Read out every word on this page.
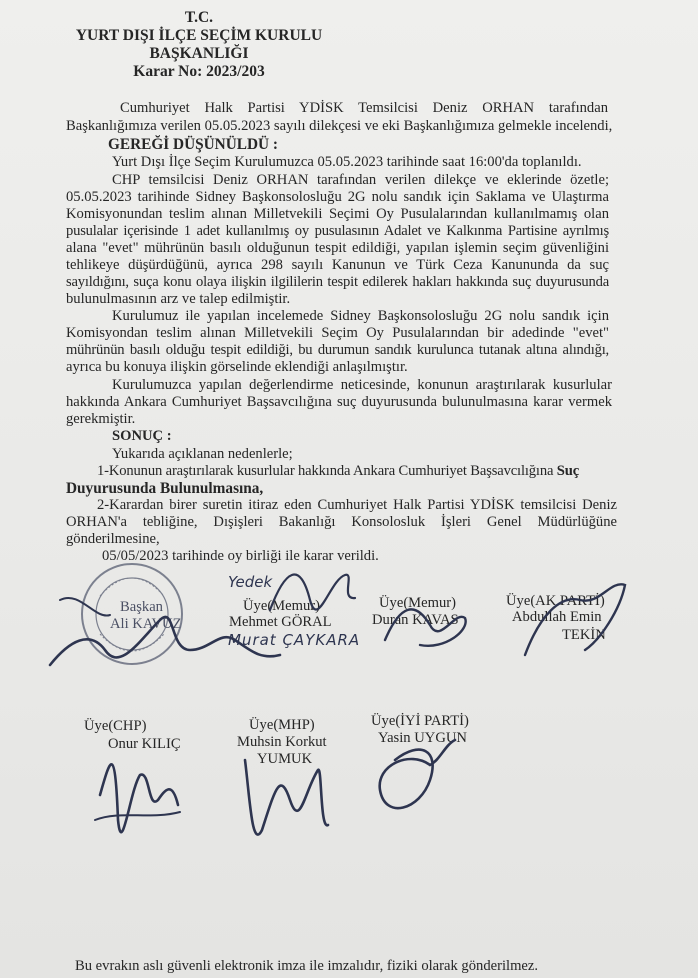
T.C.
YURT DIŞI İLÇE SEÇİM KURULU
BAŞKANLIĞI
Karar No: 2023/203
Cumhuriyet Halk Partisi YDİSK Temsilcisi Deniz ORHAN tarafından
Başkanlığımıza verilen 05.05.2023 sayılı dilekçesi ve eki Başkanlığımıza gelmekle incelendi,
GEREĞİ DÜŞÜNÜLDÜ :
Yurt Dışı İlçe Seçim Kurulumuzca 05.05.2023 tarihinde saat 16:00'da toplanıldı.
CHP temsilcisi Deniz ORHAN tarafından verilen dilekçe ve eklerinde özetle;
05.05.2023 tarihinde Sidney Başkonsolosluğu 2G nolu sandık için Saklama ve Ulaştırma
Komisyonundan teslim alınan Milletvekili Seçimi Oy Pusulalarından kullanılmamış olan
pusulalar içerisinde 1 adet kullanılmış oy pusulasının Adalet ve Kalkınma Partisine ayrılmış
alana "evet" mührünün basılı olduğunun tespit edildiği, yapılan işlemin seçim güvenliğini
tehlikeye düşürdüğünü, ayrıca 298 sayılı Kanunun ve Türk Ceza Kanununda da suç
sayıldığını, suça konu olaya ilişkin ilgililerin tespit edilerek hakları hakkında suç duyurusunda
bulunulmasının arz ve talep edilmiştir.
Kurulumuz ile yapılan incelemede Sidney Başkonsolosluğu 2G nolu sandık için
Komisyondan teslim alınan Milletvekili Seçim Oy Pusulalarından bir adedinde "evet"
mührünün basılı olduğu tespit edildiği, bu durumun sandık kurulunca tutanak altına alındığı,
ayrıca bu konuya ilişkin görselinde eklendiği anlaşılmıştır.
Kurulumuzca yapılan değerlendirme neticesinde, konunun araştırılarak kusurlular
hakkında Ankara Cumhuriyet Başsavcılığına suç duyurusunda bulunulmasına karar vermek
gerekmiştir.
SONUÇ :
Yukarıda açıklanan nedenlerle;
1-Konunun araştırılarak kusurlular hakkında Ankara Cumhuriyet Başsavcılığına Suç
Duyurusunda Bulunulmasına,
2-Karardan birer suretin itiraz eden Cumhuriyet Halk Partisi YDİSK temsilcisi Deniz
ORHAN'a tebliğine, Dışişleri Bakanlığı Konsolosluk İşleri Genel Müdürlüğüne
gönderilmesine,
05/05/2023 tarihinde oy birliği ile karar verildi.
Başkan
Ali KAVUZ
Üye(Memur)
Mehmet GÖRAL
Yedek
Üye(Memur)
Duran KAVAS
Üye(AK PARTİ)
Abdullah Emin
TEKİN
Murat ÇAYKARA
Üye(CHP)
Onur KILIÇ
Üye(MHP)
Muhsin Korkut
YUMUK
Üye(İYİ PARTİ)
Yasin UYGUN
Bu evrakın aslı güvenli elektronik imza ile imzalıdır, fiziki olarak gönderilmez.
